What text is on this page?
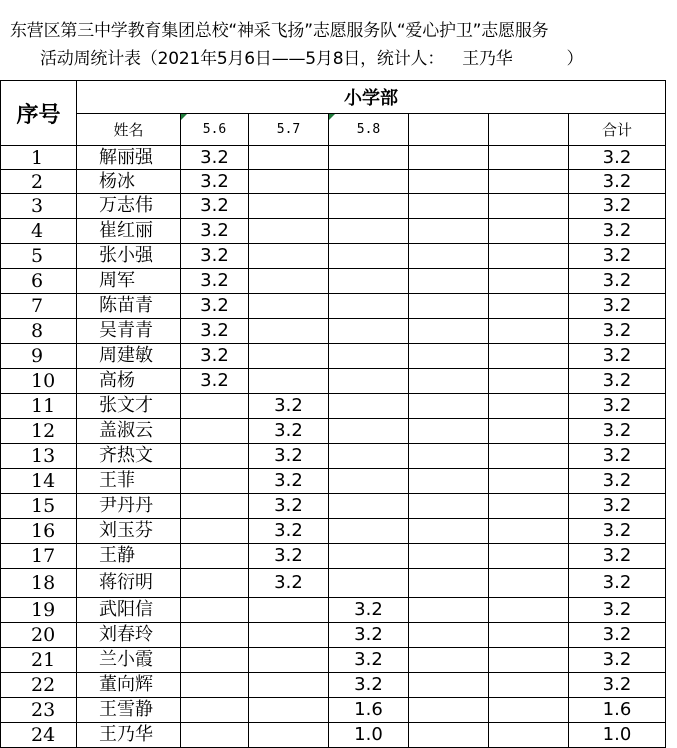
东营区第三中学教育集团总校“神采飞扬”志愿服务队“爱心护卫”志愿服务
活动周统计表（2021年5月6日——5月8日，统计人： 王乃华	）
序号	小学部						
	姓名	5.6	5.7	5.8			合计
1	解丽强	3.2					3.2
2	杨冰	3.2					3.2
3	万志伟	3.2					3.2
4	崔红丽	3.2					3.2
5	张小强	3.2					3.2
6	周军	3.2					3.2
7	陈苗青	3.2					3.2
8	吴青青	3.2					3.2
9	周建敏	3.2					3.2
10	高杨	3.2					3.2
11	张文才		3.2				3.2
12	盖淑云		3.2				3.2
13	齐热文		3.2				3.2
14	王菲		3.2				3.2
15	尹丹丹		3.2				3.2
16	刘玉芬		3.2				3.2
17	王静		3.2				3.2
18	蒋衍明		3.2				3.2
19	武阳信			3.2			3.2
20	刘春玲			3.2			3.2
21	兰小霞			3.2			3.2
22	董向辉			3.2			3.2
23	王雪静			1.6			1.6
24	王乃华			1.0			1.0
